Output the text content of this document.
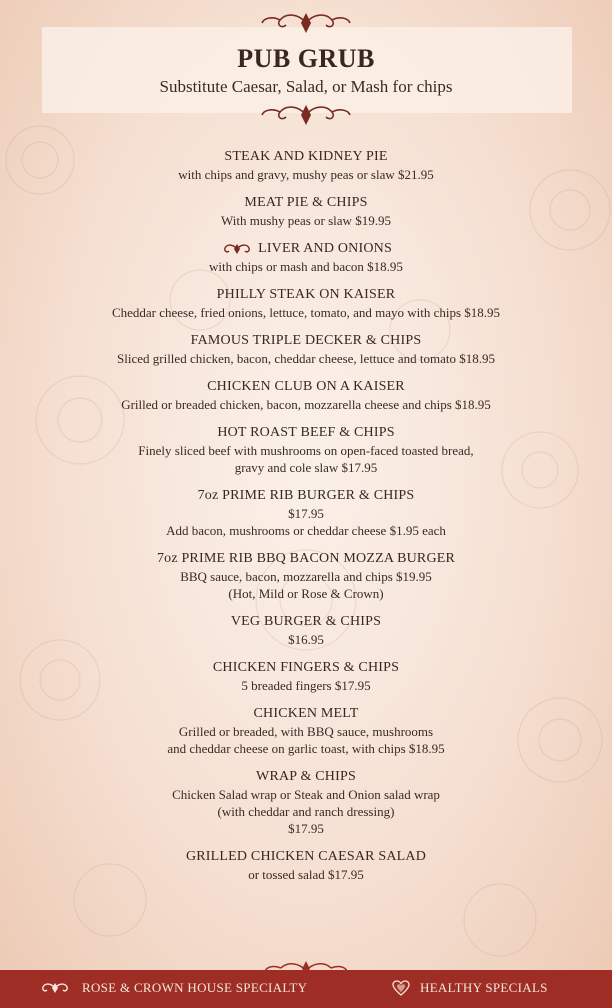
PUB GRUB
Substitute Caesar, Salad, or Mash for chips
STEAK AND KIDNEY PIE
with chips and gravy, mushy peas or slaw $21.95
MEAT PIE & CHIPS
With mushy peas or slaw $19.95
LIVER AND ONIONS
with chips or mash and bacon $18.95
PHILLY STEAK ON KAISER
Cheddar cheese, fried onions, lettuce, tomato, and mayo with chips $18.95
FAMOUS TRIPLE DECKER & CHIPS
Sliced grilled chicken, bacon, cheddar cheese, lettuce and tomato $18.95
CHICKEN CLUB ON A KAISER
Grilled or breaded chicken, bacon, mozzarella cheese and chips $18.95
HOT ROAST BEEF & CHIPS
Finely sliced beef with mushrooms on open-faced toasted bread,
gravy and cole slaw $17.95
7oz PRIME RIB BURGER & CHIPS
$17.95
Add bacon, mushrooms or cheddar cheese $1.95 each
7oz PRIME RIB BBQ BACON MOZZA BURGER
BBQ sauce, bacon, mozzarella and chips $19.95
(Hot, Mild or Rose & Crown)
VEG BURGER & CHIPS
$16.95
CHICKEN FINGERS & CHIPS
5 breaded fingers $17.95
CHICKEN MELT
Grilled or breaded, with BBQ sauce, mushrooms
and cheddar cheese on garlic toast, with chips $18.95
WRAP & CHIPS
Chicken Salad wrap or Steak and Onion salad wrap
(with cheddar and ranch dressing)
$17.95
GRILLED CHICKEN CAESAR SALAD
or tossed salad $17.95
ROSE & CROWN HOUSE SPECIALTY	HEALTHY SPECIALS
